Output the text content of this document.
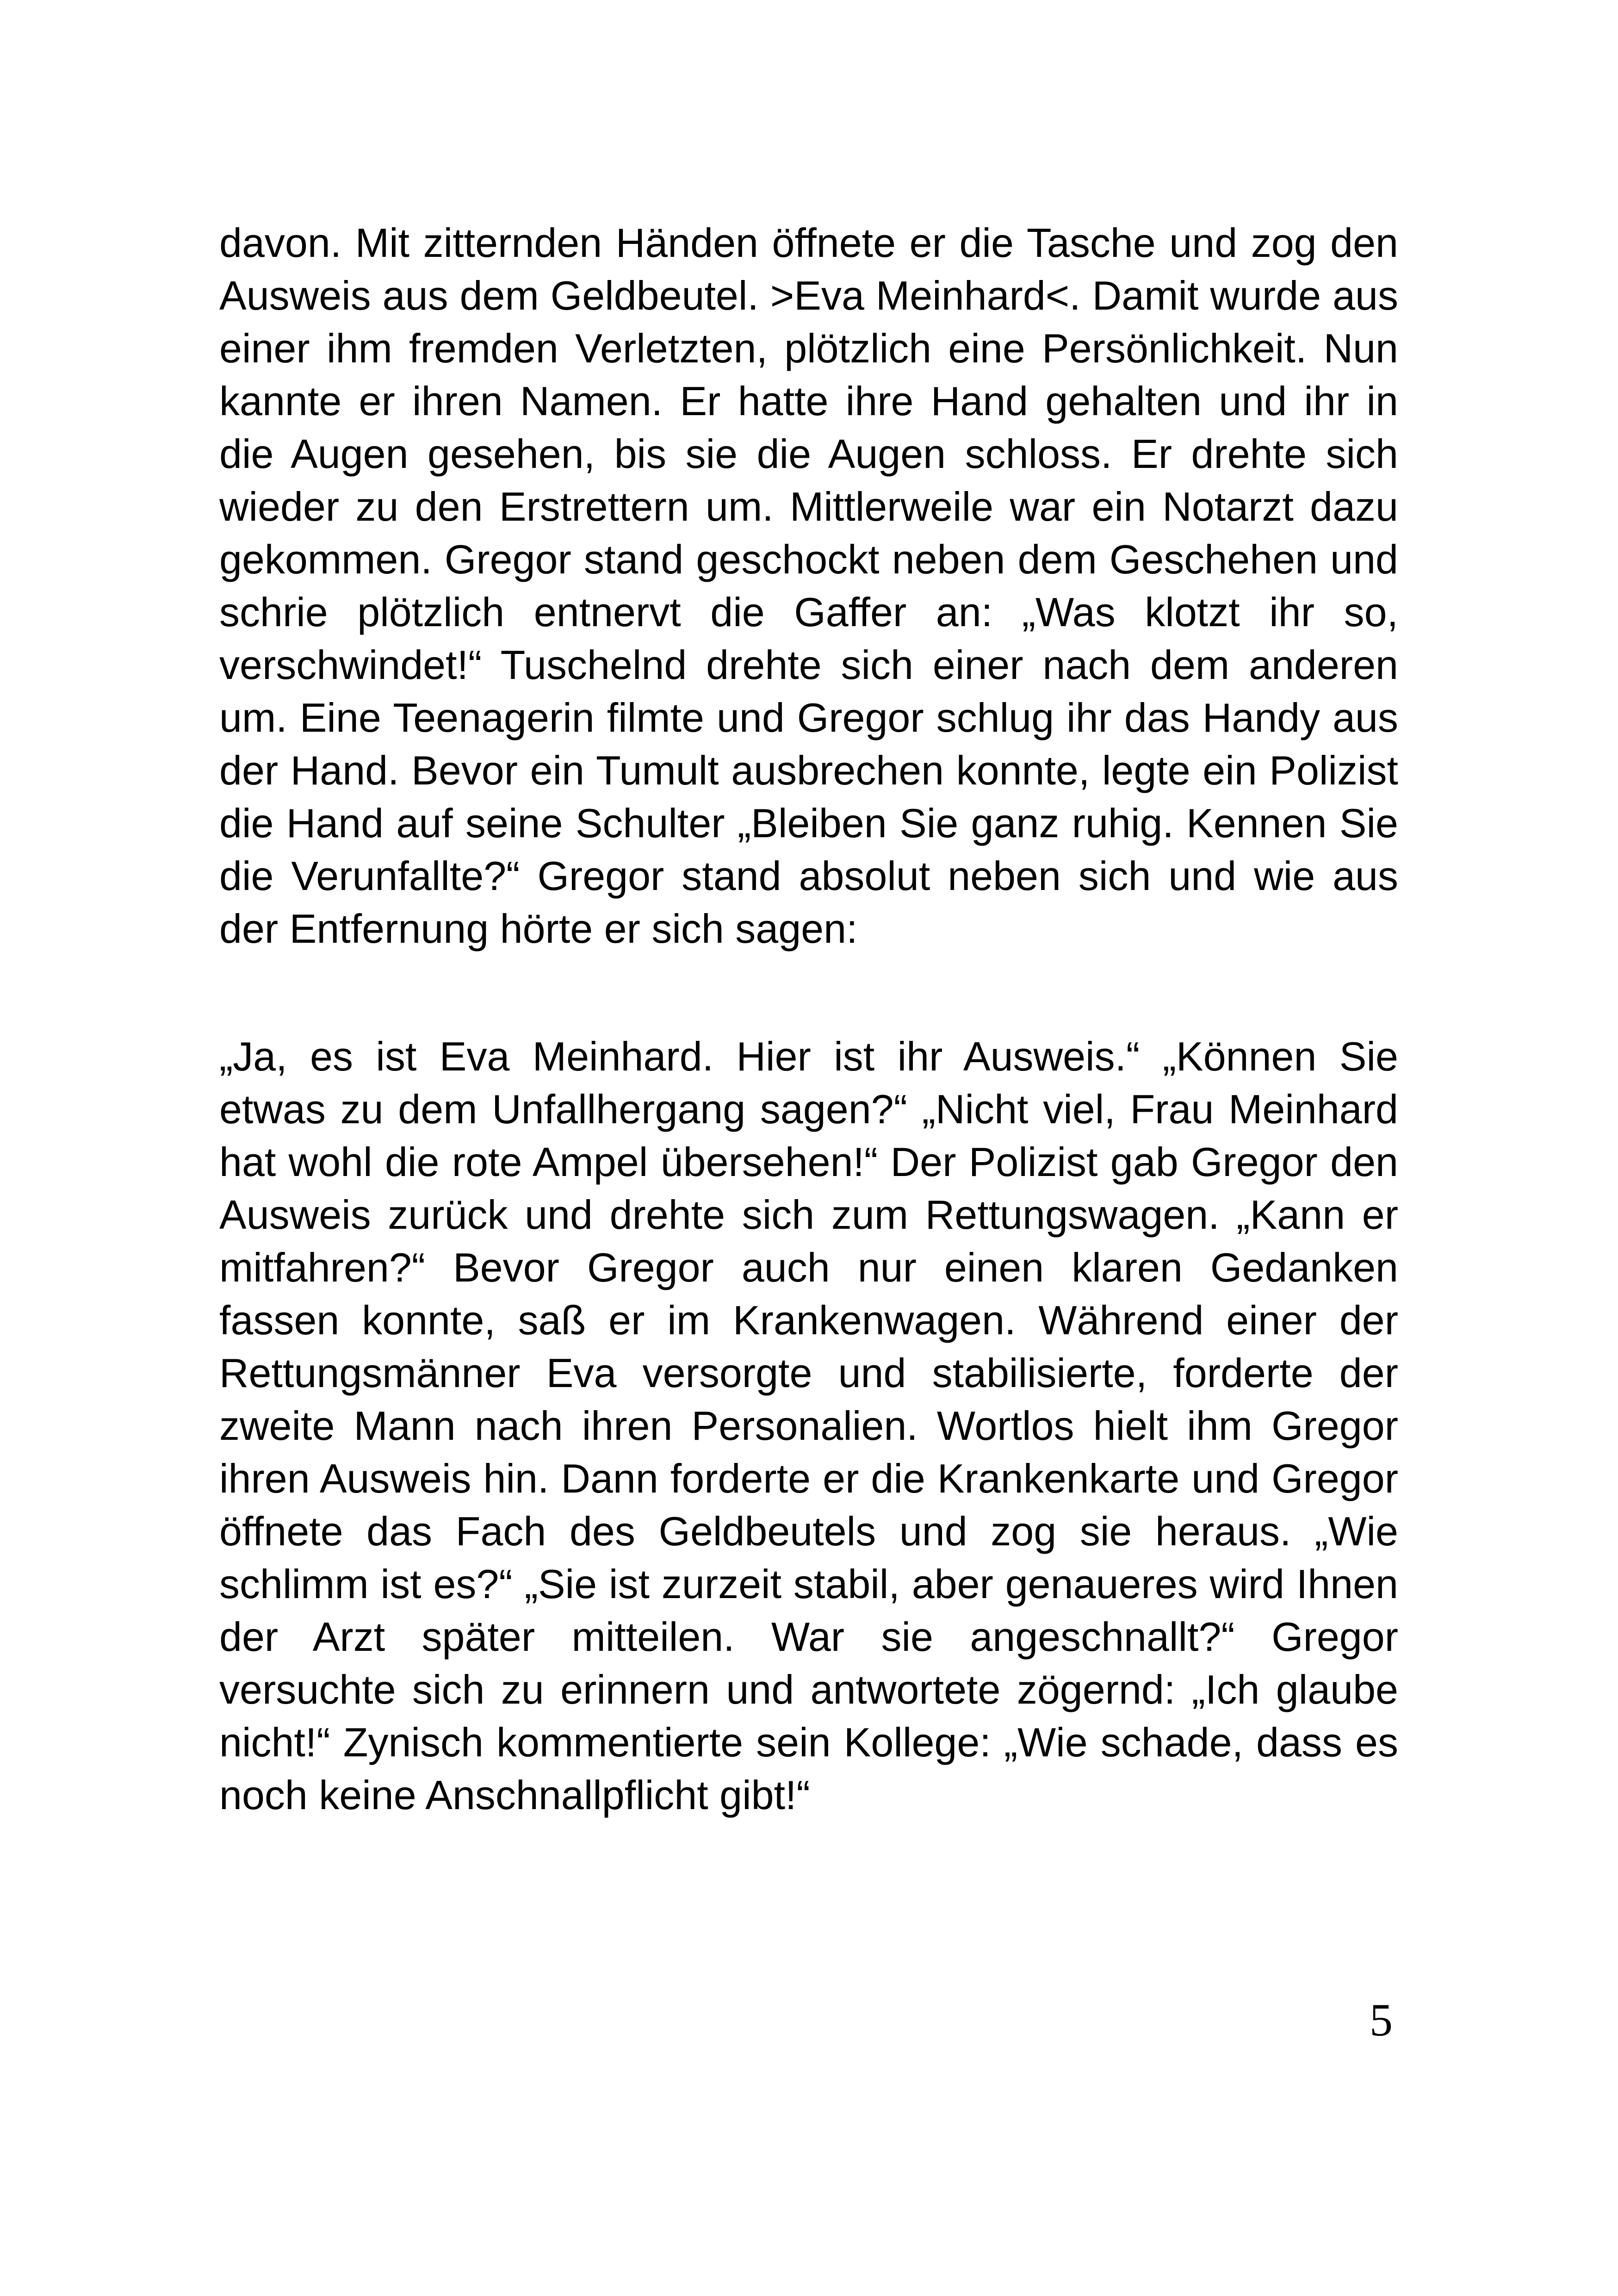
davon. Mit zitternden Händen öffnete er die Tasche und zog den Ausweis aus dem Geldbeutel. >Eva Meinhard<. Damit wurde aus einer ihm fremden Verletzten, plötzlich eine Persönlichkeit. Nun kannte er ihren Namen. Er hatte ihre Hand gehalten und ihr in die Augen gesehen, bis sie die Augen schloss. Er drehte sich wieder zu den Erstrettern um. Mittlerweile war ein Notarzt dazu gekommen. Gregor stand geschockt neben dem Geschehen und schrie plötzlich entnervt die Gaffer an: „Was klotzt ihr so, verschwindet!“ Tuschelnd drehte sich einer nach dem anderen um. Eine Teenagerin filmte und Gregor schlug ihr das Handy aus der Hand. Bevor ein Tumult ausbrechen konnte, legte ein Polizist die Hand auf seine Schulter „Bleiben Sie ganz ruhig. Kennen Sie die Verunfallte?“ Gregor stand absolut neben sich und wie aus der Entfernung hörte er sich sagen:

„Ja, es ist Eva Meinhard. Hier ist ihr Ausweis.“ „Können Sie etwas zu dem Unfallhergang sagen?“ „Nicht viel, Frau Meinhard hat wohl die rote Ampel übersehen!“ Der Polizist gab Gregor den Ausweis zurück und drehte sich zum Rettungswagen. „Kann er mitfahren?“ Bevor Gregor auch nur einen klaren Gedanken fassen konnte, saß er im Krankenwagen. Während einer der Rettungsmänner Eva versorgte und stabilisierte, forderte der zweite Mann nach ihren Personalien. Wortlos hielt ihm Gregor ihren Ausweis hin. Dann forderte er die Krankenkarte und Gregor öffnete das Fach des Geldbeutels und zog sie heraus. „Wie schlimm ist es?“ „Sie ist zurzeit stabil, aber genaueres wird Ihnen der Arzt später mitteilen. War sie angeschnallt?“ Gregor versuchte sich zu erinnern und antwortete zögernd: „Ich glaube nicht!“ Zynisch kommentierte sein Kollege: „Wie schade, dass es noch keine Anschnallpflicht gibt!“

5
